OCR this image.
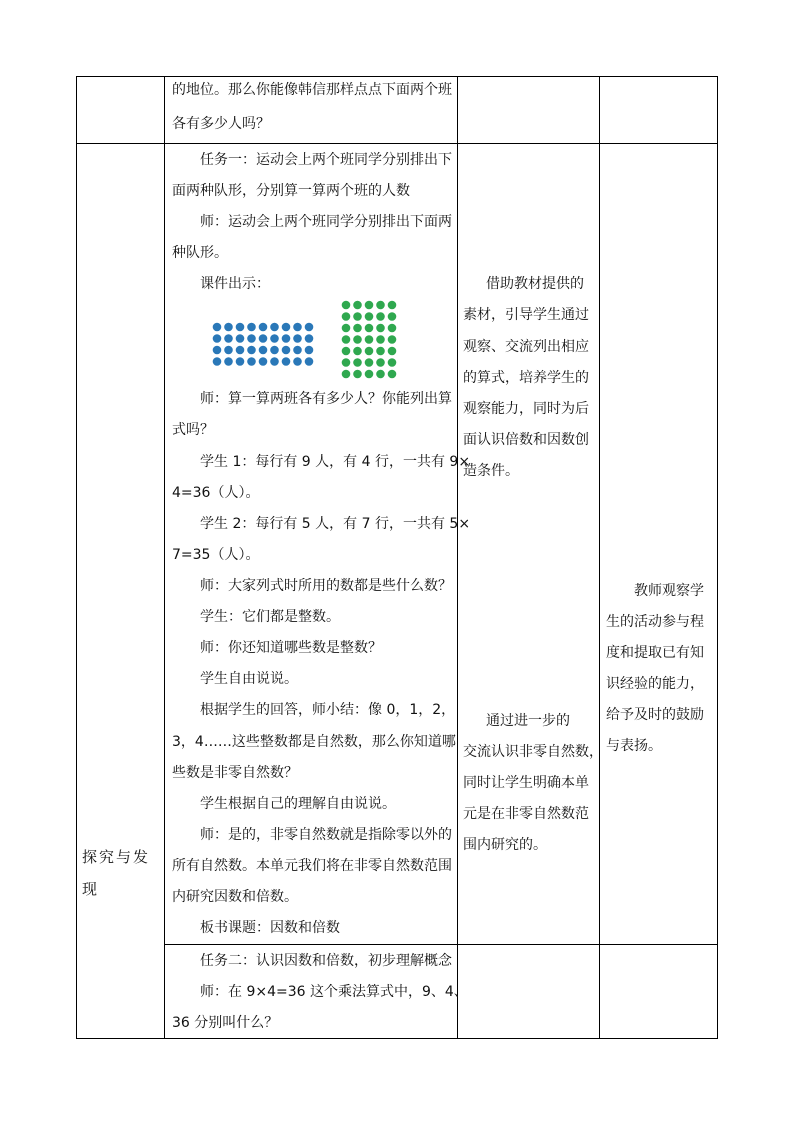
的地位。那么你能像韩信那样点点下面两个班
各有多少人吗？
探究与发
现
任务一：运动会上两个班同学分别排出下
面两种队形，分别算一算两个班的人数
师：运动会上两个班同学分别排出下面两
种队形。
课件出示：
师：算一算两班各有多少人？你能列出算
式吗？
学生 1：每行有 9 人，有 4 行，一共有 9×
4=36（人）。
学生 2：每行有 5 人，有 7 行，一共有 5×
7=35（人）。
师：大家列式时所用的数都是些什么数？
学生：它们都是整数。
师：你还知道哪些数是整数？
学生自由说说。
根据学生的回答，师小结：像 0，1，2，
3，4……这些整数都是自然数，那么你知道哪
些数是非零自然数？
学生根据自己的理解自由说说。
师：是的，非零自然数就是指除零以外的
所有自然数。本单元我们将在非零自然数范围
内研究因数和倍数。
板书课题：因数和倍数
借助教材提供的
素材，引导学生通过
观察、交流列出相应
的算式，培养学生的
观察能力，同时为后
面认识倍数和因数创
造条件。
通过进一步的
交流认识非零自然数，
同时让学生明确本单
元是在非零自然数范
围内研究的。
教师观察学
生的活动参与程
度和提取已有知
识经验的能力，
给予及时的鼓励
与表扬。
任务二：认识因数和倍数，初步理解概念
师：在 9×4=36 这个乘法算式中，9、4、
36 分别叫什么？
